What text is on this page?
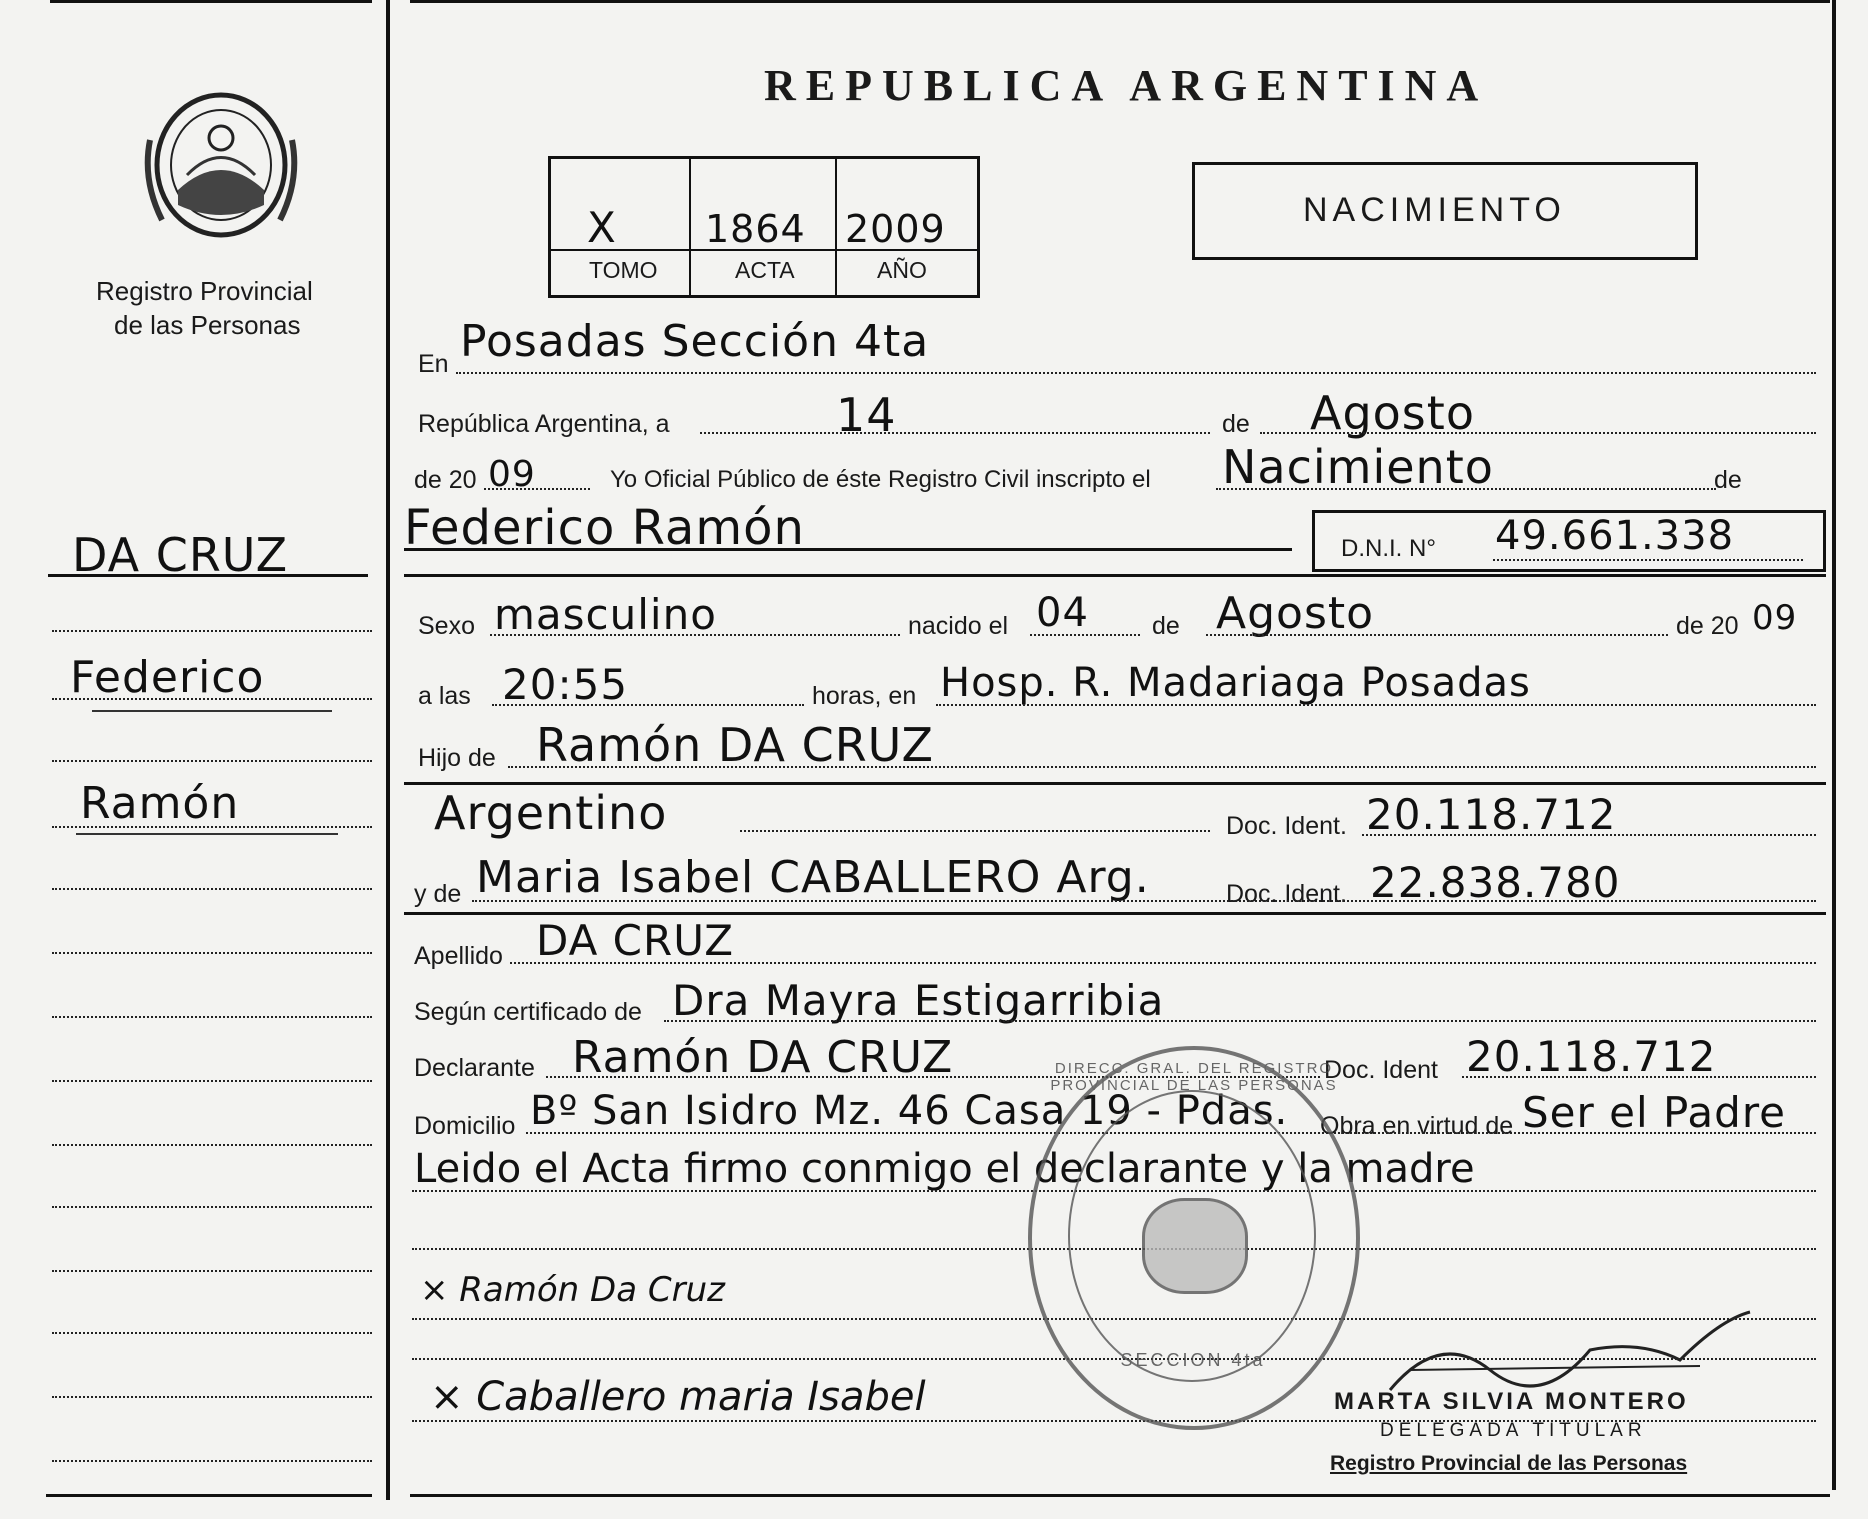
Registro Provincial
de las Personas
DA CRUZ
Federico
Ramón
REPUBLICA ARGENTINA
X 1864 2009
TOMO	ACTA	AÑO
NACIMIENTO
En Posadas Sección 4ta
República Argentina, a	14	de Agosto
de 20 09	Yo Oficial Público de éste Registro Civil inscripto el Nacimiento	de
Federico Ramón	D.N.I. N° 49.661.338
Sexo masculino	nacido el 04	de Agosto	de 20 09
a las 20:55	horas, en Hosp. R. Madariaga Posadas
Hijo de Ramón DA CRUZ
Argentino	Doc. Ident. 20.118.712
y de Maria Isabel CABALLERO Arg.	Doc. Ident. 22.838.780
Apellido DA CRUZ
Según certificado de Dra Mayra Estigarribia
Declarante Ramón DA CRUZ	Doc. Ident 20.118.712
Domicilio Bº San Isidro Mz. 46 Casa 19 - Pdas. Obra en virtud de Ser el Padre
Leido el Acta firmo conmigo el declarante y la madre
× Ramón Da Cruz
× Caballero maria Isabel
DIRECC. GRAL. DEL REGISTRO PROVINCIAL DE LAS PERSONAS
SECCION 4ta
MARTA SILVIA MONTERO
DELEGADA TITULAR
Registro Provincial de las Personas
